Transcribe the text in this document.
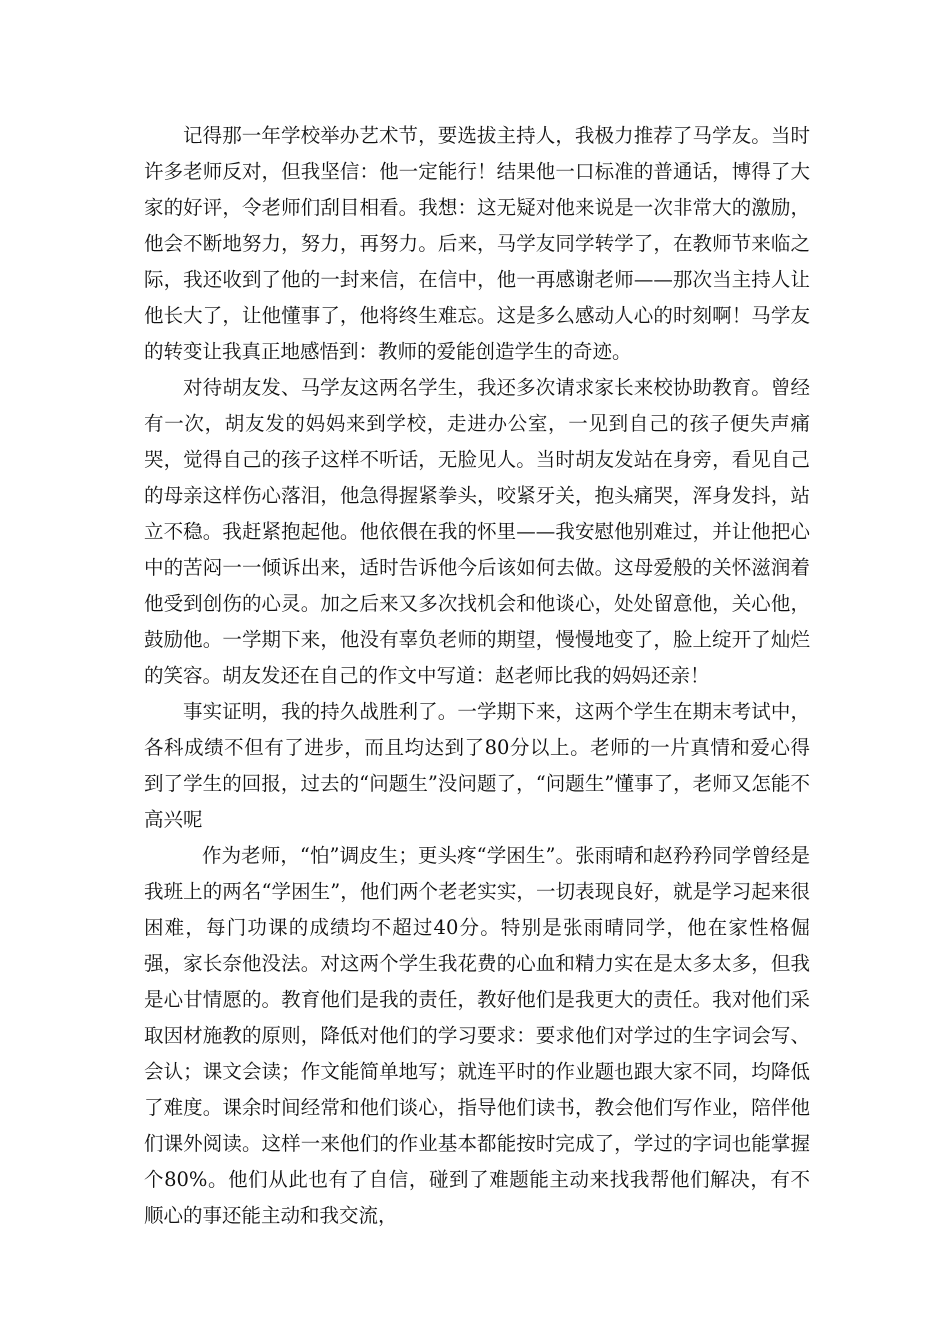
记得那一年学校举办艺术节，要选拔主持人，我极力推荐了马学友。当时许多老师反对，但我坚信：他一定能行！结果他一口标准的普通话，博得了大家的好评，令老师们刮目相看。我想：这无疑对他来说是一次非常大的激励，他会不断地努力，努力，再努力。后来，马学友同学转学了，在教师节来临之际，我还收到了他的一封来信，在信中，他一再感谢老师——那次当主持人让他长大了，让他懂事了，他将终生难忘。这是多么感动人心的时刻啊！马学友的转变让我真正地感悟到：教师的爱能创造学生的奇迹。

对待胡友发、马学友这两名学生，我还多次请求家长来校协助教育。曾经有一次，胡友发的妈妈来到学校，走进办公室，一见到自己的孩子便失声痛哭，觉得自己的孩子这样不听话，无脸见人。当时胡友发站在身旁，看见自己的母亲这样伤心落泪，他急得握紧拳头，咬紧牙关，抱头痛哭，浑身发抖，站立不稳。我赶紧抱起他。他依偎在我的怀里——我安慰他别难过，并让他把心中的苦闷一一倾诉出来，适时告诉他今后该如何去做。这母爱般的关怀滋润着他受到创伤的心灵。加之后来又多次找机会和他谈心，处处留意他，关心他，鼓励他。一学期下来，他没有辜负老师的期望，慢慢地变了，脸上绽开了灿烂的笑容。胡友发还在自己的作文中写道：赵老师比我的妈妈还亲！

事实证明，我的持久战胜利了。一学期下来，这两个学生在期末考试中，各科成绩不但有了进步，而且均达到了80分以上。老师的一片真情和爱心得到了学生的回报，过去的“问题生”没问题了，“问题生”懂事了，老师又怎能不高兴呢

作为老师，“怕”调皮生；更头疼“学困生”。张雨晴和赵矜矜同学曾经是我班上的两名“学困生”，他们两个老老实实，一切表现良好，就是学习起来很困难，每门功课的成绩均不超过40分。特别是张雨晴同学，他在家性格倔强，家长奈他没法。对这两个学生我花费的心血和精力实在是太多太多，但我是心甘情愿的。教育他们是我的责任，教好他们是我更大的责任。我对他们采取因材施教的原则，降低对他们的学习要求：要求他们对学过的生字词会写、会认；课文会读；作文能简单地写；就连平时的作业题也跟大家不同，均降低了难度。课余时间经常和他们谈心，指导他们读书，教会他们写作业，陪伴他们课外阅读。这样一来他们的作业基本都能按时完成了，学过的字词也能掌握个80%。他们从此也有了自信，碰到了难题能主动来找我帮他们解决，有不顺心的事还能主动和我交流，
